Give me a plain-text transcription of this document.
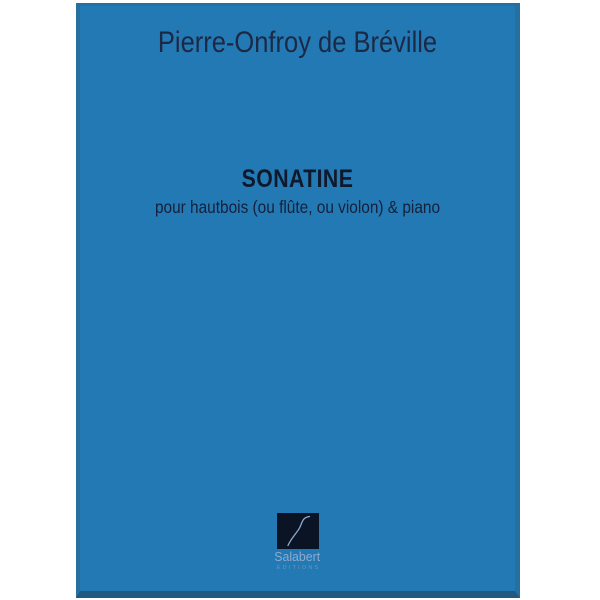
Pierre-Onfroy de Bréville
SONATINE
pour hautbois (ou flûte, ou violon) & piano
Salabert
ÉDITIONS
